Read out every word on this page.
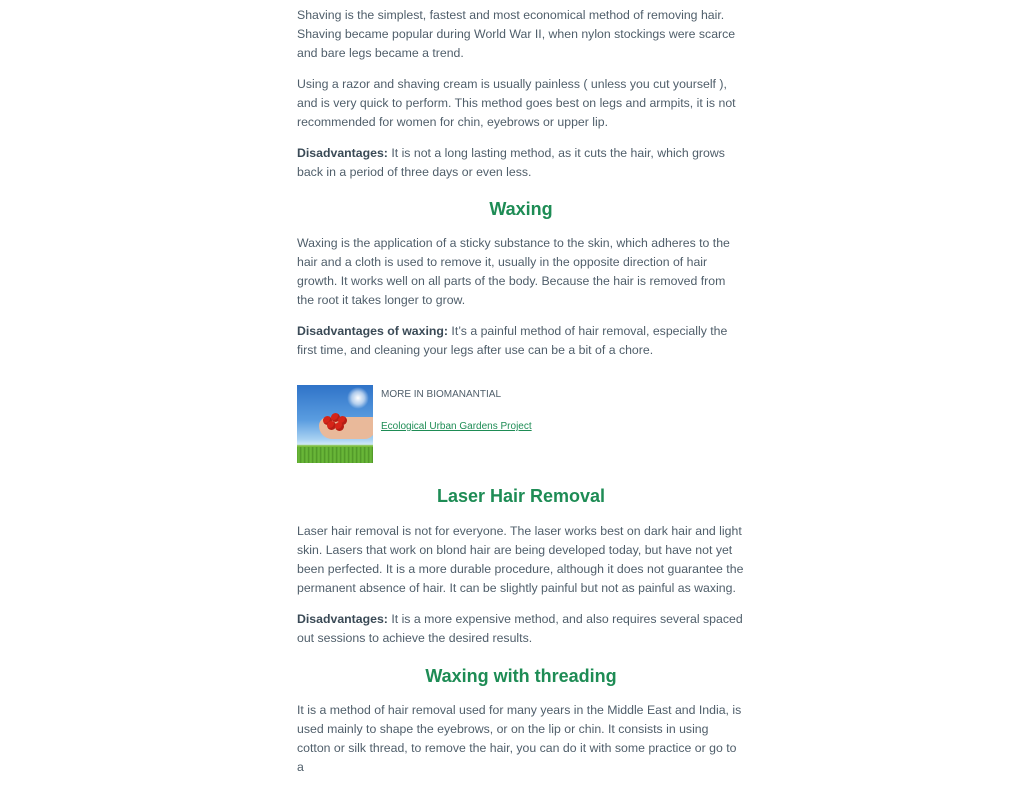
Shaving is the simplest, fastest and most economical method of removing hair. Shaving became popular during World War II, when nylon stockings were scarce and bare legs became a trend.

Using a razor and shaving cream is usually painless ( unless you cut yourself ), and is very quick to perform. This method goes best on legs and armpits, it is not recommended for women for chin, eyebrows or upper lip.

Disadvantages: It is not a long lasting method, as it cuts the hair, which grows back in a period of three days or even less.

Waxing

Waxing is the application of a sticky substance to the skin, which adheres to the hair and a cloth is used to remove it, usually in the opposite direction of hair growth. It works well on all parts of the body. Because the hair is removed from the root it takes longer to grow.

Disadvantages of waxing: It’s a painful method of hair removal, especially the first time, and cleaning your legs after use can be a bit of a chore.

MORE IN BIOMANANTIAL
Ecological Urban Gardens Project
Laser Hair Removal

Laser hair removal is not for everyone. The laser works best on dark hair and light skin. Lasers that work on blond hair are being developed today, but have not yet been perfected. It is a more durable procedure, although it does not guarantee the permanent absence of hair. It can be slightly painful but not as painful as waxing.

Disadvantages: It is a more expensive method, and also requires several spaced out sessions to achieve the desired results.

Waxing with threading

It is a method of hair removal used for many years in the Middle East and India, is used mainly to shape the eyebrows, or on the lip or chin. It consists in using cotton or silk thread, to remove the hair, you can do it with some practice or go to a
